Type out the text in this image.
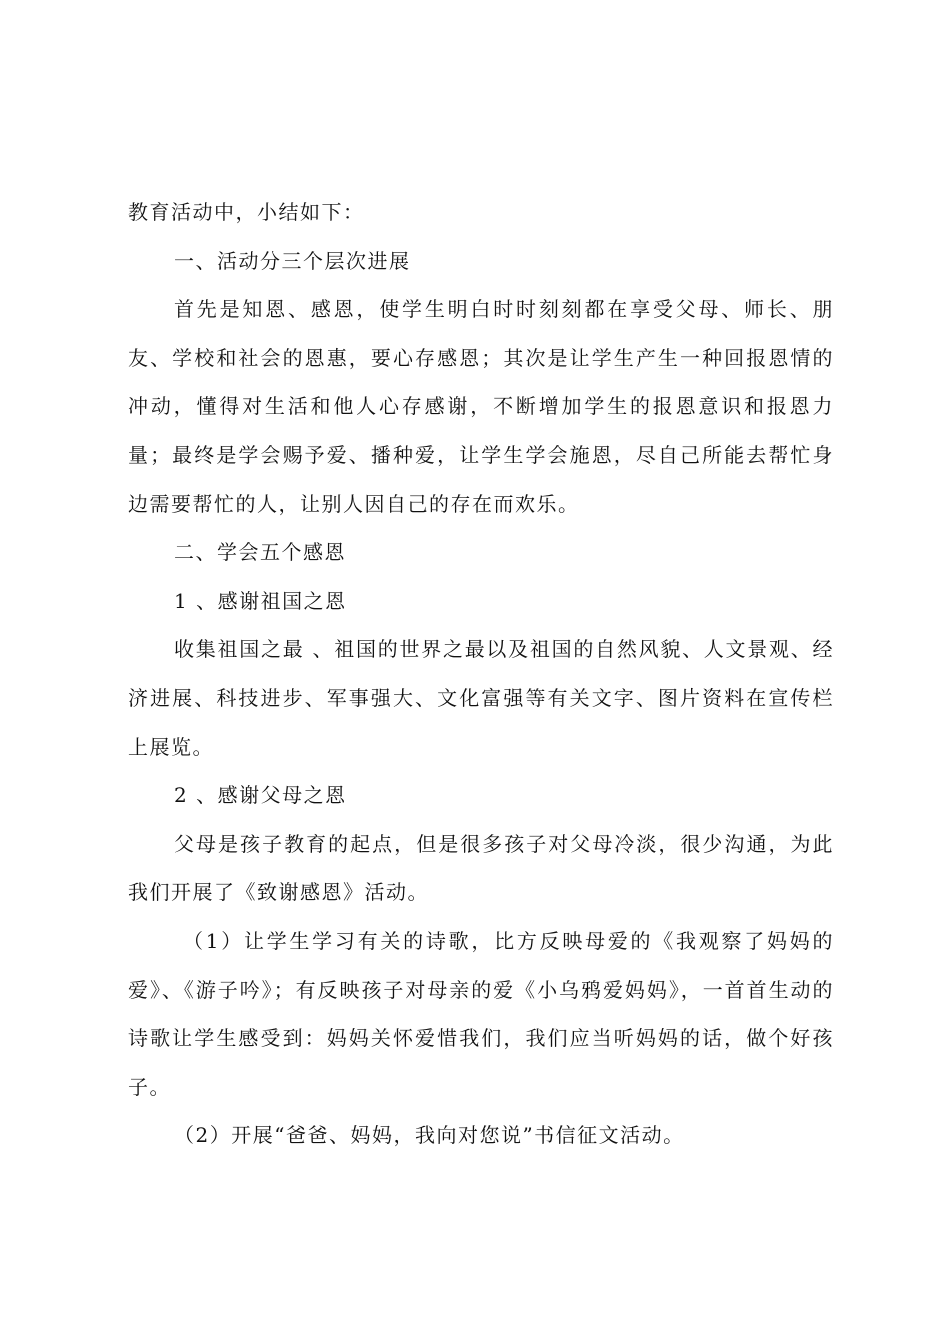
教育活动中，小结如下：

一、活动分三个层次进展

首先是知恩、感恩，使学生明白时时刻刻都在享受父母、师长、朋友、学校和社会的恩惠，要心存感恩；其次是让学生产生一种回报恩情的冲动，懂得对生活和他人心存感谢，不断增加学生的报恩意识和报恩力量；最终是学会赐予爱、播种爱，让学生学会施恩，尽自己所能去帮忙身边需要帮忙的人，让别人因自己的存在而欢乐。

二、学会五个感恩

1 、感谢祖国之恩

收集祖国之最 、祖国的世界之最以及祖国的自然风貌、人文景观、经济进展、科技进步、军事强大、文化富强等有关文字、图片资料在宣传栏上展览。

2 、感谢父母之恩

父母是孩子教育的起点，但是很多孩子对父母冷淡，很少沟通，为此我们开展了《致谢感恩》活动。

（1）让学生学习有关的诗歌，比方反映母爱的《我观察了妈妈的爱》、《游子吟》；有反映孩子对母亲的爱《小乌鸦爱妈妈》，一首首生动的诗歌让学生感受到：妈妈关怀爱惜我们，我们应当听妈妈的话，做个好孩子。

（2）开展“爸爸、妈妈，我向对您说”书信征文活动。
